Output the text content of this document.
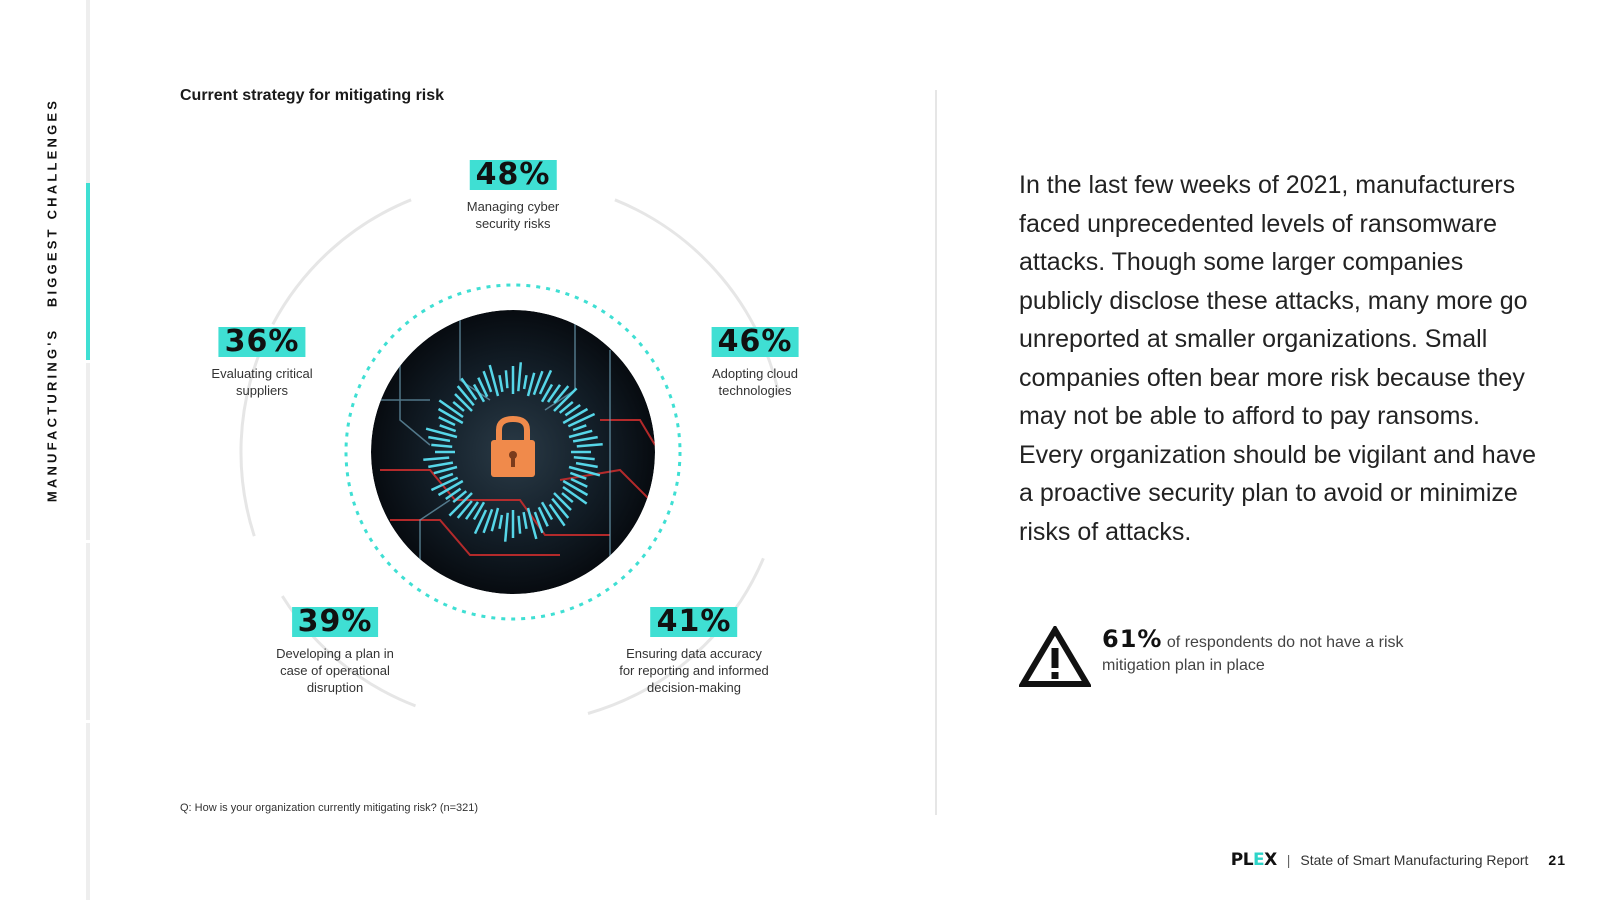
MANUFACTURING'S   BIGGEST CHALLENGES
Current strategy for mitigating risk
48%
Managing cyber
security risks
46%
Adopting cloud
technologies
41%
Ensuring data accuracy
for reporting and informed
decision-making
39%
Developing a plan in
case of operational
disruption
36%
Evaluating critical
suppliers
Q: How is your organization currently mitigating risk? (n=321)
In the last few weeks of 2021, manufacturers faced unprecedented levels of ransomware attacks. Though some larger companies publicly disclose these attacks, many more go unreported at smaller organizations. Small companies often bear more risk because they may not be able to afford to pay ransoms. Every organization should be vigilant and have a proactive security plan to avoid or minimize risks of attacks.
61% of respondents do not have a risk mitigation plan in place
PLEX | State of Smart Manufacturing Report 21
